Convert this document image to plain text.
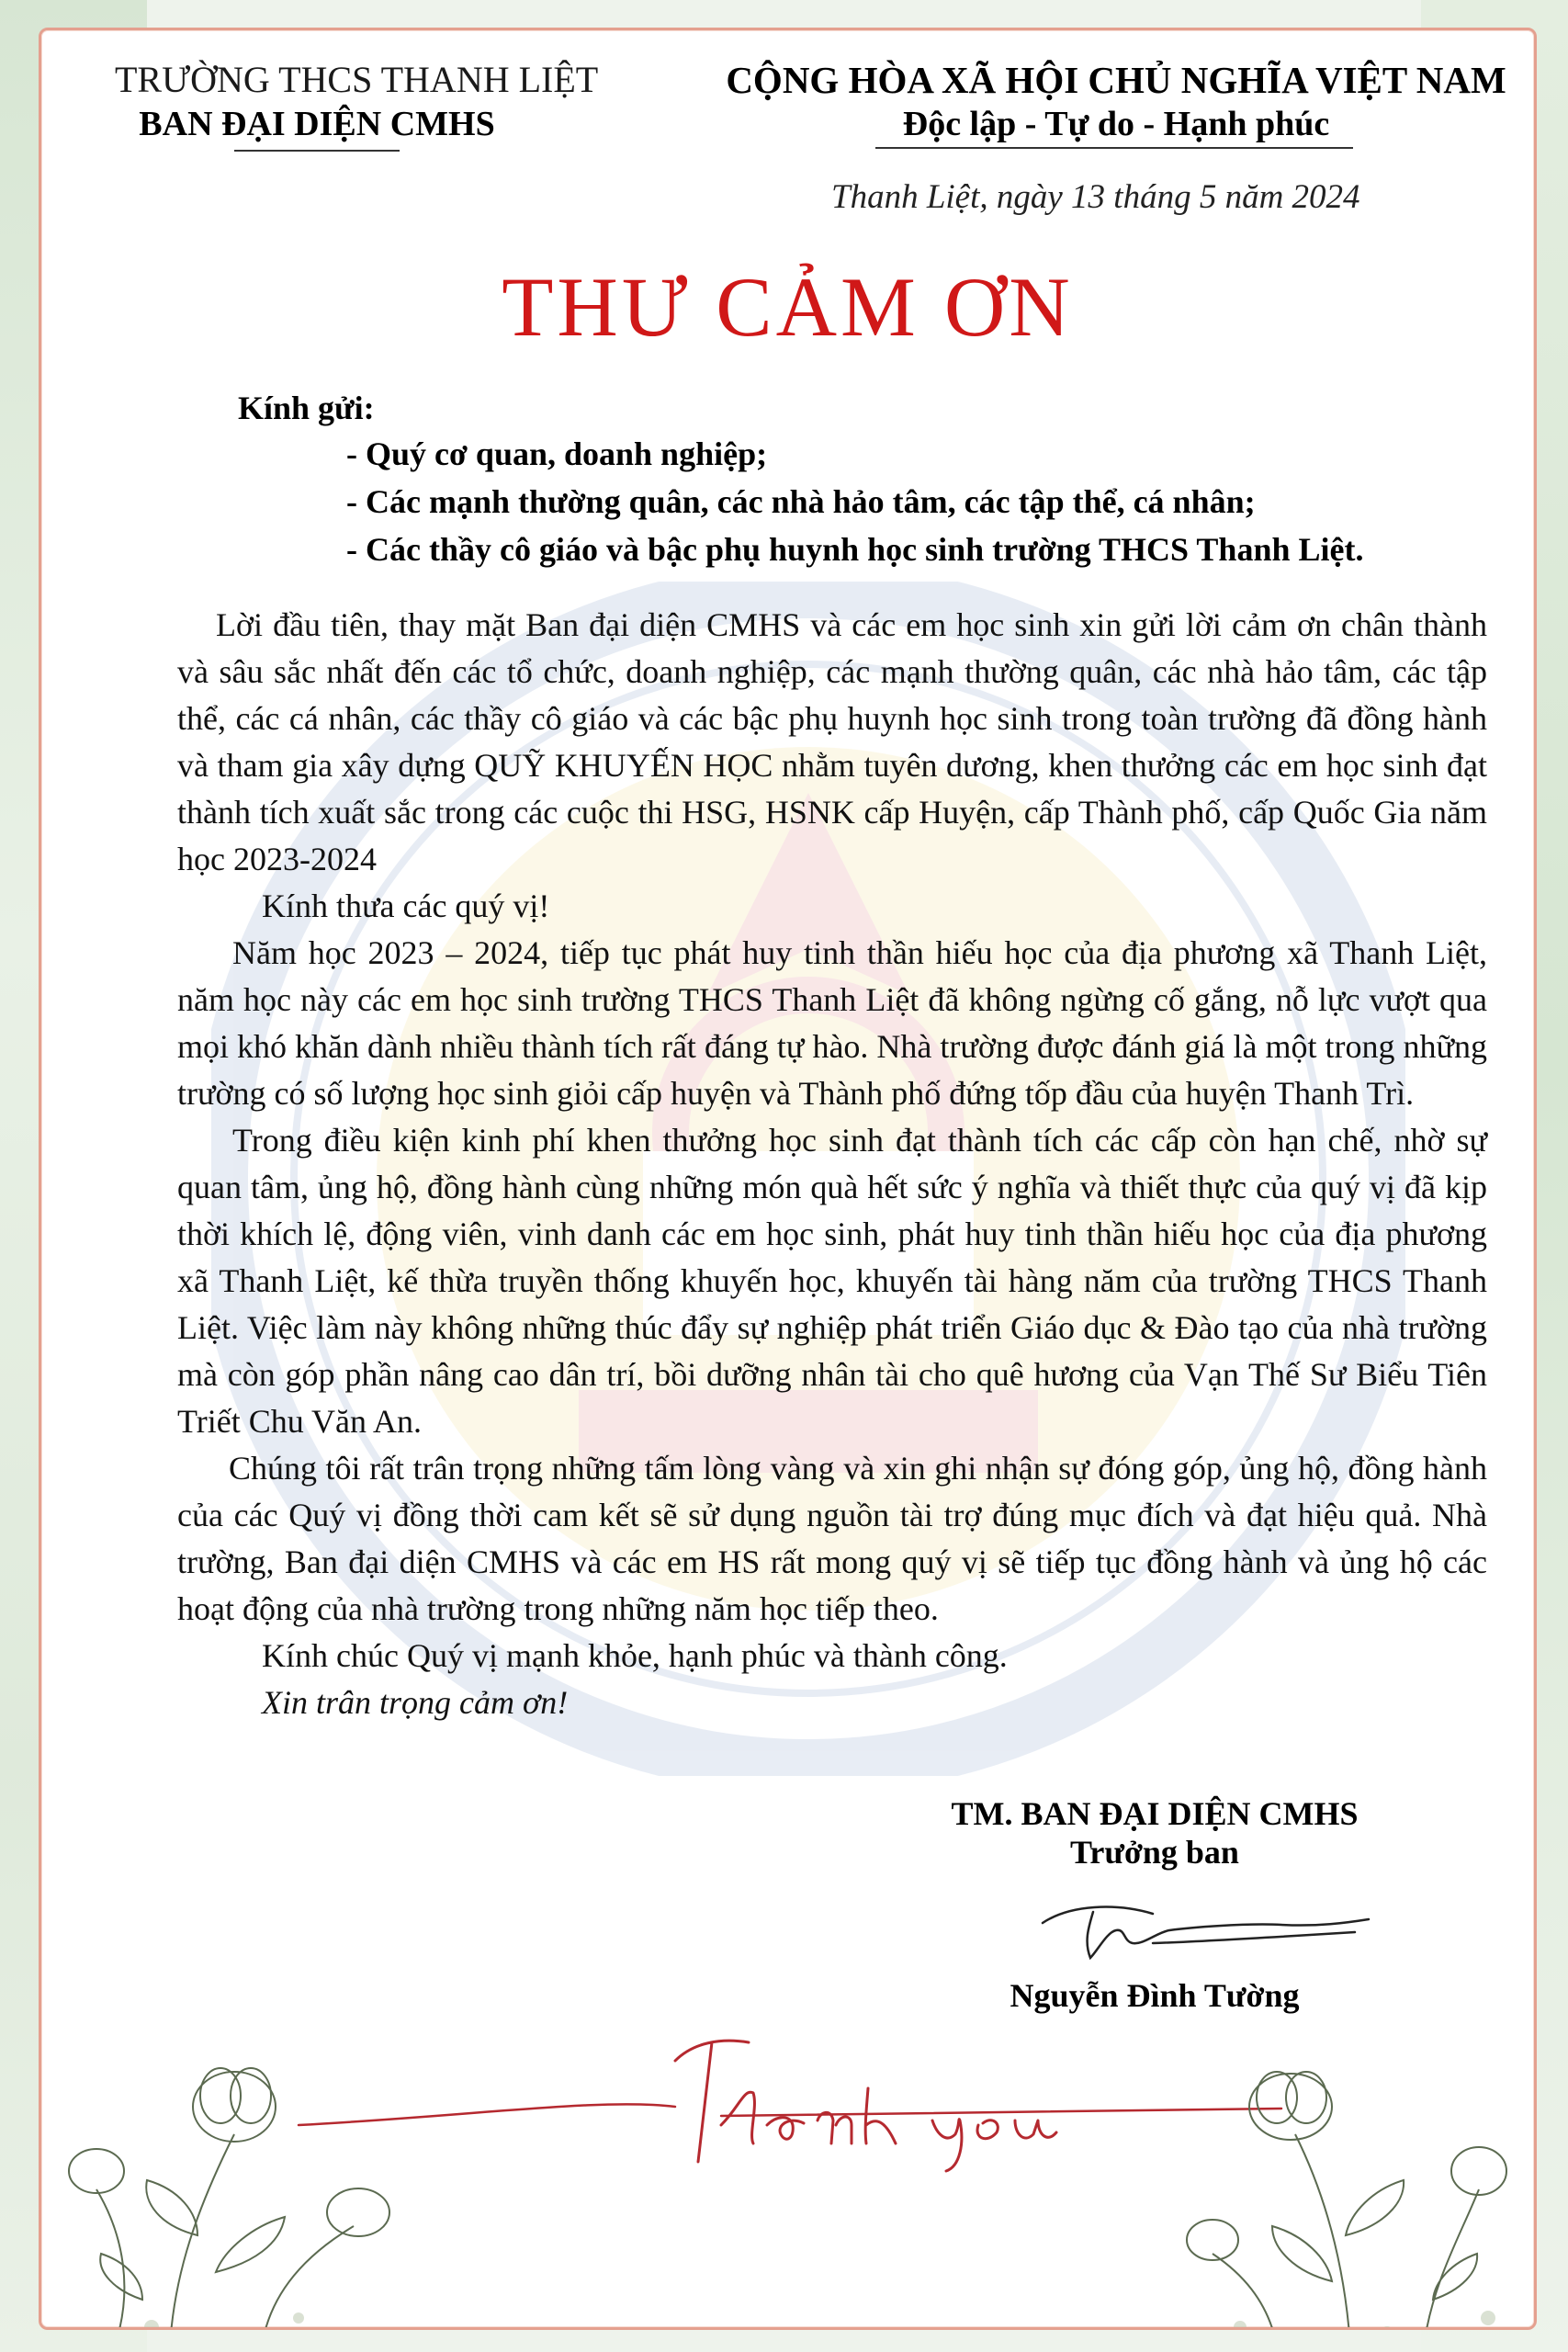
TRƯỜNG THCS THANH LIỆT
BAN ĐẠI DIỆN CMHS
CỘNG HÒA XÃ HỘI CHỦ NGHĨA VIỆT NAM
Độc lập - Tự do - Hạnh phúc
Thanh Liệt, ngày 13 tháng 5 năm 2024
THƯ CẢM ƠN
Kính gửi:
- Quý cơ quan, doanh nghiệp;
- Các mạnh thường quân, các nhà hảo tâm, các tập thể, cá nhân;
- Các thầy cô giáo và bậc phụ huynh học sinh trường THCS Thanh Liệt.

Lời đầu tiên, thay mặt Ban đại diện CMHS và các em học sinh xin gửi lời cảm ơn chân thành và sâu sắc nhất đến các tổ chức, doanh nghiệp, các mạnh thường quân, các nhà hảo tâm, các tập thể, các cá nhân, các thầy cô giáo và các bậc phụ huynh học sinh trong toàn trường đã đồng hành và tham gia xây dựng QUỸ KHUYẾN HỌC nhằm tuyên dương, khen thưởng các em học sinh đạt thành tích xuất sắc trong các cuộc thi HSG, HSNK cấp Huyện, cấp Thành phố, cấp Quốc Gia năm học 2023-2024

Kính thưa các quý vị!

Năm học 2023 – 2024, tiếp tục phát huy tinh thần hiếu học của địa phương xã Thanh Liệt, năm học này các em học sinh trường THCS Thanh Liệt đã không ngừng cố gắng, nỗ lực vượt qua mọi khó khăn dành nhiều thành tích rất đáng tự hào. Nhà trường được đánh giá là một trong những trường có số lượng học sinh giỏi cấp huyện và Thành phố đứng tốp đầu của huyện Thanh Trì.

Trong điều kiện kinh phí khen thưởng học sinh đạt thành tích các cấp còn hạn chế, nhờ sự quan tâm, ủng hộ, đồng hành cùng những món quà hết sức ý nghĩa và thiết thực của quý vị đã kịp thời khích lệ, động viên, vinh danh các em học sinh, phát huy tinh thần hiếu học của địa phương xã Thanh Liệt, kế thừa truyền thống khuyến học, khuyến tài hàng năm của trường THCS Thanh Liệt. Việc làm này không những thúc đẩy sự nghiệp phát triển Giáo dục & Đào tạo của nhà trường mà còn góp phần nâng cao dân trí, bồi dưỡng nhân tài cho quê hương của Vạn Thế Sư Biểu Tiên Triết Chu Văn An.

Chúng tôi rất trân trọng những tấm lòng vàng và xin ghi nhận sự đóng góp, ủng hộ, đồng hành của các Quý vị đồng thời cam kết sẽ sử dụng nguồn tài trợ đúng mục đích và đạt hiệu quả. Nhà trường, Ban đại diện CMHS và các em HS rất mong quý vị sẽ tiếp tục đồng hành và ủng hộ các hoạt động của nhà trường trong những năm học tiếp theo.

Kính chúc Quý vị mạnh khỏe, hạnh phúc và thành công.

Xin trân trọng cảm ơn!

TM. BAN ĐẠI DIỆN CMHS
Trưởng ban
Nguyễn Đình Tường
